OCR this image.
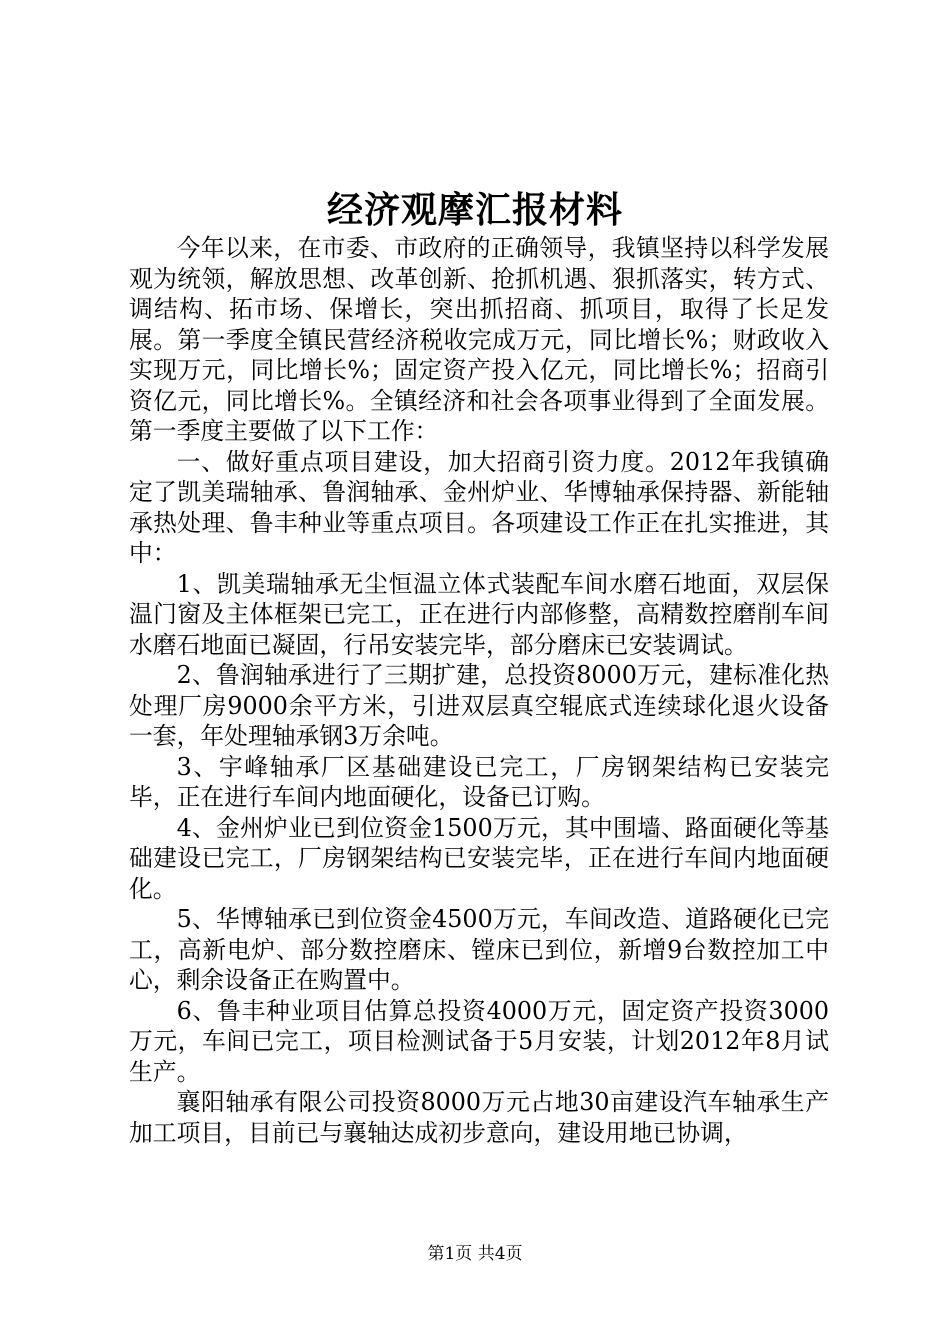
经济观摩汇报材料

今年以来，在市委、市政府的正确领导，我镇坚持以科学发展观为统领，解放思想、改革创新、抢抓机遇、狠抓落实，转方式、调结构、拓市场、保增长，突出抓招商、抓项目，取得了长足发展。第一季度全镇民营经济税收完成万元，同比增长%；财政收入实现万元，同比增长%；固定资产投入亿元，同比增长%；招商引资亿元，同比增长%。全镇经济和社会各项事业得到了全面发展。第一季度主要做了以下工作：

一、做好重点项目建设，加大招商引资力度。2012年我镇确定了凯美瑞轴承、鲁润轴承、金州炉业、华博轴承保持器、新能轴承热处理、鲁丰种业等重点项目。各项建设工作正在扎实推进，其中：

1、凯美瑞轴承无尘恒温立体式装配车间水磨石地面，双层保温门窗及主体框架已完工，正在进行内部修整，高精数控磨削车间水磨石地面已凝固，行吊安装完毕，部分磨床已安装调试。

2、鲁润轴承进行了三期扩建，总投资8000万元，建标准化热处理厂房9000余平方米，引进双层真空辊底式连续球化退火设备一套，年处理轴承钢3万余吨。

3、宇峰轴承厂区基础建设已完工，厂房钢架结构已安装完毕，正在进行车间内地面硬化，设备已订购。

4、金州炉业已到位资金1500万元，其中围墙、路面硬化等基础建设已完工，厂房钢架结构已安装完毕，正在进行车间内地面硬化。

5、华博轴承已到位资金4500万元，车间改造、道路硬化已完工，高新电炉、部分数控磨床、镗床已到位，新增9台数控加工中心，剩余设备正在购置中。

6、鲁丰种业项目估算总投资4000万元，固定资产投资3000万元，车间已完工，项目检测试备于5月安装，计划2012年8月试生产。

襄阳轴承有限公司投资8000万元占地30亩建设汽车轴承生产加工项目，目前已与襄轴达成初步意向，建设用地已协调，

第1页 共4页
